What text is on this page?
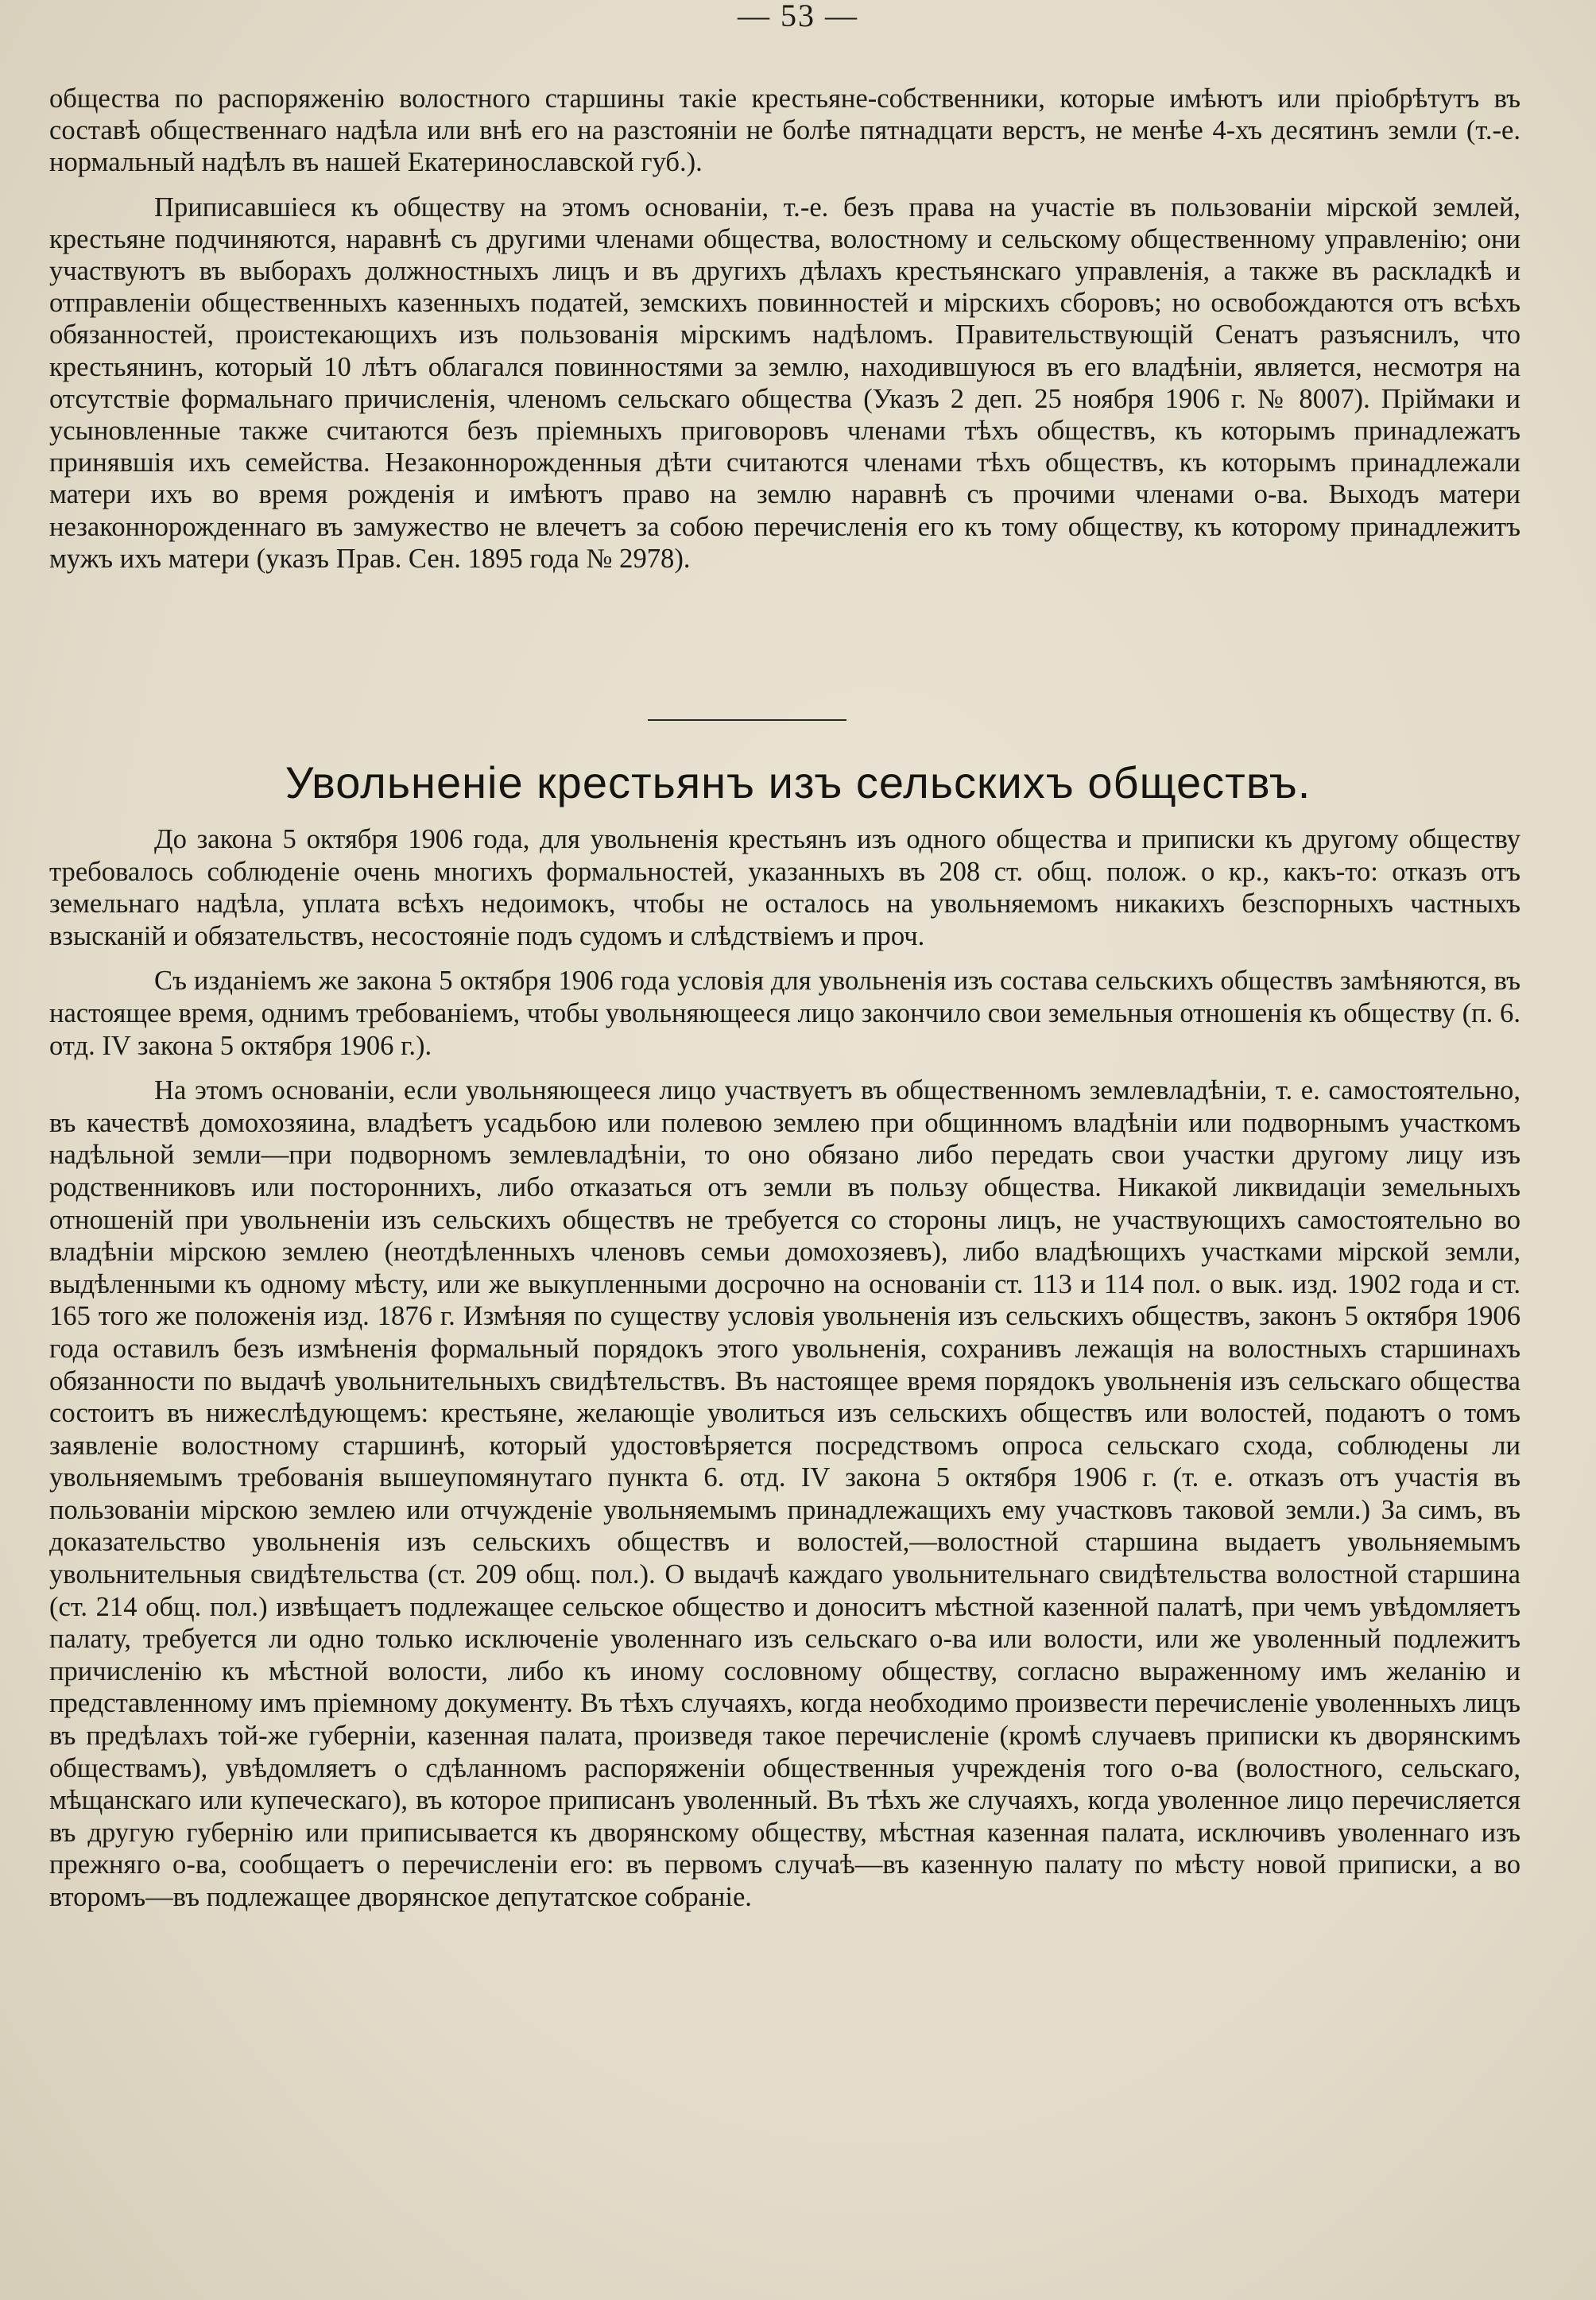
— 53 —

общества по распоряженію волостного старшины такіе крестьяне-собственники, которые имѣютъ или пріобрѣтутъ въ составѣ общественнаго надѣла или внѣ его на разстояніи не болѣе пятнадцати верстъ, не менѣе 4-хъ десятинъ земли (т.-е. нормальный надѣлъ въ нашей Екатеринославской губ.).

Приписавшіеся къ обществу на этомъ основаніи, т.-е. безъ права на участіе въ пользованіи мірской землей, крестьяне подчиняются, наравнѣ съ другими членами общества, волостному и сельскому общественному управленію; они участвуютъ въ выборахъ должностныхъ лицъ и въ другихъ дѣлахъ крестьянскаго управленія, а также въ раскладкѣ и отправленіи общественныхъ казенныхъ податей, земскихъ повинностей и мірскихъ сборовъ; но освобождаются отъ всѣхъ обязанностей, проистекающихъ изъ пользованія мірскимъ надѣломъ. Правительствующій Сенатъ разъяснилъ, что крестьянинъ, который 10 лѣтъ облагался повинностями за землю, находившуюся въ его владѣніи, является, несмотря на отсутствіе формальнаго причисленія, членомъ сельскаго общества (Указъ 2 деп. 25 ноября 1906 г. № 8007). Пріймаки и усыновленные также считаются безъ пріемныхъ приговоровъ членами тѣхъ обществъ, къ которымъ принадлежатъ принявшія ихъ семейства. Незаконнорожденныя дѣти считаются членами тѣхъ обществъ, къ которымъ принадлежали матери ихъ во время рожденія и имѣютъ право на землю наравнѣ съ прочими членами о-ва. Выходъ матери незаконнорожденнаго въ замужество не влечетъ за собою перечисленія его къ тому обществу, къ которому принадлежитъ мужъ ихъ матери (указъ Прав. Сен. 1895 года № 2978).

Увольненіе крестьянъ изъ сельскихъ обществъ.

До закона 5 октября 1906 года, для увольненія крестьянъ изъ одного общества и приписки къ другому обществу требовалось соблюденіе очень многихъ формальностей, указанныхъ въ 208 ст. общ. полож. о кр., какъ-то: отказъ отъ земельнаго надѣла, уплата всѣхъ недоимокъ, чтобы не осталось на увольняемомъ никакихъ безспорныхъ частныхъ взысканій и обязательствъ, несостояніе подъ судомъ и слѣдствіемъ и проч.

Съ изданіемъ же закона 5 октября 1906 года условія для увольненія изъ состава сельскихъ обществъ замѣняются, въ настоящее время, однимъ требованіемъ, чтобы увольняющееся лицо закончило свои земельныя отношенія къ обществу (п. 6. отд. IV закона 5 октября 1906 г.).

На этомъ основаніи, если увольняющееся лицо участвуетъ въ общественномъ землевладѣніи, т. е. самостоятельно, въ качествѣ домохозяина, владѣетъ усадьбою или полевою землею при общинномъ владѣніи или подворнымъ участкомъ надѣльной земли—при подворномъ землевладѣніи, то оно обязано либо передать свои участки другому лицу изъ родственниковъ или постороннихъ, либо отказаться отъ земли въ пользу общества. Никакой ликвидаціи земельныхъ отношеній при увольненіи изъ сельскихъ обществъ не требуется со стороны лицъ, не участвующихъ самостоятельно во владѣніи мірскою землею (неотдѣленныхъ членовъ семьи домохозяевъ), либо владѣющихъ участками мірской земли, выдѣленными къ одному мѣсту, или же выкупленными досрочно на основаніи ст. 113 и 114 пол. о вык. изд. 1902 года и ст. 165 того же положенія изд. 1876 г. Измѣняя по существу условія увольненія изъ сельскихъ обществъ, законъ 5 октября 1906 года оставилъ безъ измѣненія формальный порядокъ этого увольненія, сохранивъ лежащія на волостныхъ старшинахъ обязанности по выдачѣ увольнительныхъ свидѣтельствъ. Въ настоящее время порядокъ увольненія изъ сельскаго общества состоитъ въ нижеслѣдующемъ: крестьяне, желающіе уволиться изъ сельскихъ обществъ или волостей, подаютъ о томъ заявленіе волостному старшинѣ, который удостовѣряется посредствомъ опроса сельскаго схода, соблюдены ли увольняемымъ требованія вышеупомянутаго пункта 6. отд. IV закона 5 октября 1906 г. (т. е. отказъ отъ участія въ пользованіи мірскою землею или отчужденіе увольняемымъ принадлежащихъ ему участковъ таковой земли.) За симъ, въ доказательство увольненія изъ сельскихъ обществъ и волостей,—волостной старшина выдаетъ увольняемымъ увольнительныя свидѣтельства (ст. 209 общ. пол.). О выдачѣ каждаго увольнительнаго свидѣтельства волостной старшина (ст. 214 общ. пол.) извѣщаетъ подлежащее сельское общество и доноситъ мѣстной казенной палатѣ, при чемъ увѣдомляетъ палату, требуется ли одно только исключеніе уволеннаго изъ сельскаго о-ва или волости, или же уволенный подлежитъ причисленію къ мѣстной волости, либо къ иному сословному обществу, согласно выраженному имъ желанію и представленному имъ пріемному документу. Въ тѣхъ случаяхъ, когда необходимо произвести перечисленіе уволенныхъ лицъ въ предѣлахъ той-же губерніи, казенная палата, произведя такое перечисленіе (кромѣ случаевъ приписки къ дворянскимъ обществамъ), увѣдомляетъ о сдѣланномъ распоряженіи общественныя учрежденія того о-ва (волостного, сельскаго, мѣщанскаго или купеческаго), въ которое приписанъ уволенный. Въ тѣхъ же случаяхъ, когда уволенное лицо перечисляется въ другую губернію или приписывается къ дворянскому обществу, мѣстная казенная палата, исключивъ уволеннаго изъ прежняго о-ва, сообщаетъ о перечисленіи его: въ первомъ случаѣ—въ казенную палату по мѣсту новой приписки, а во второмъ—въ подлежащее дворянское депутатское собраніе.
